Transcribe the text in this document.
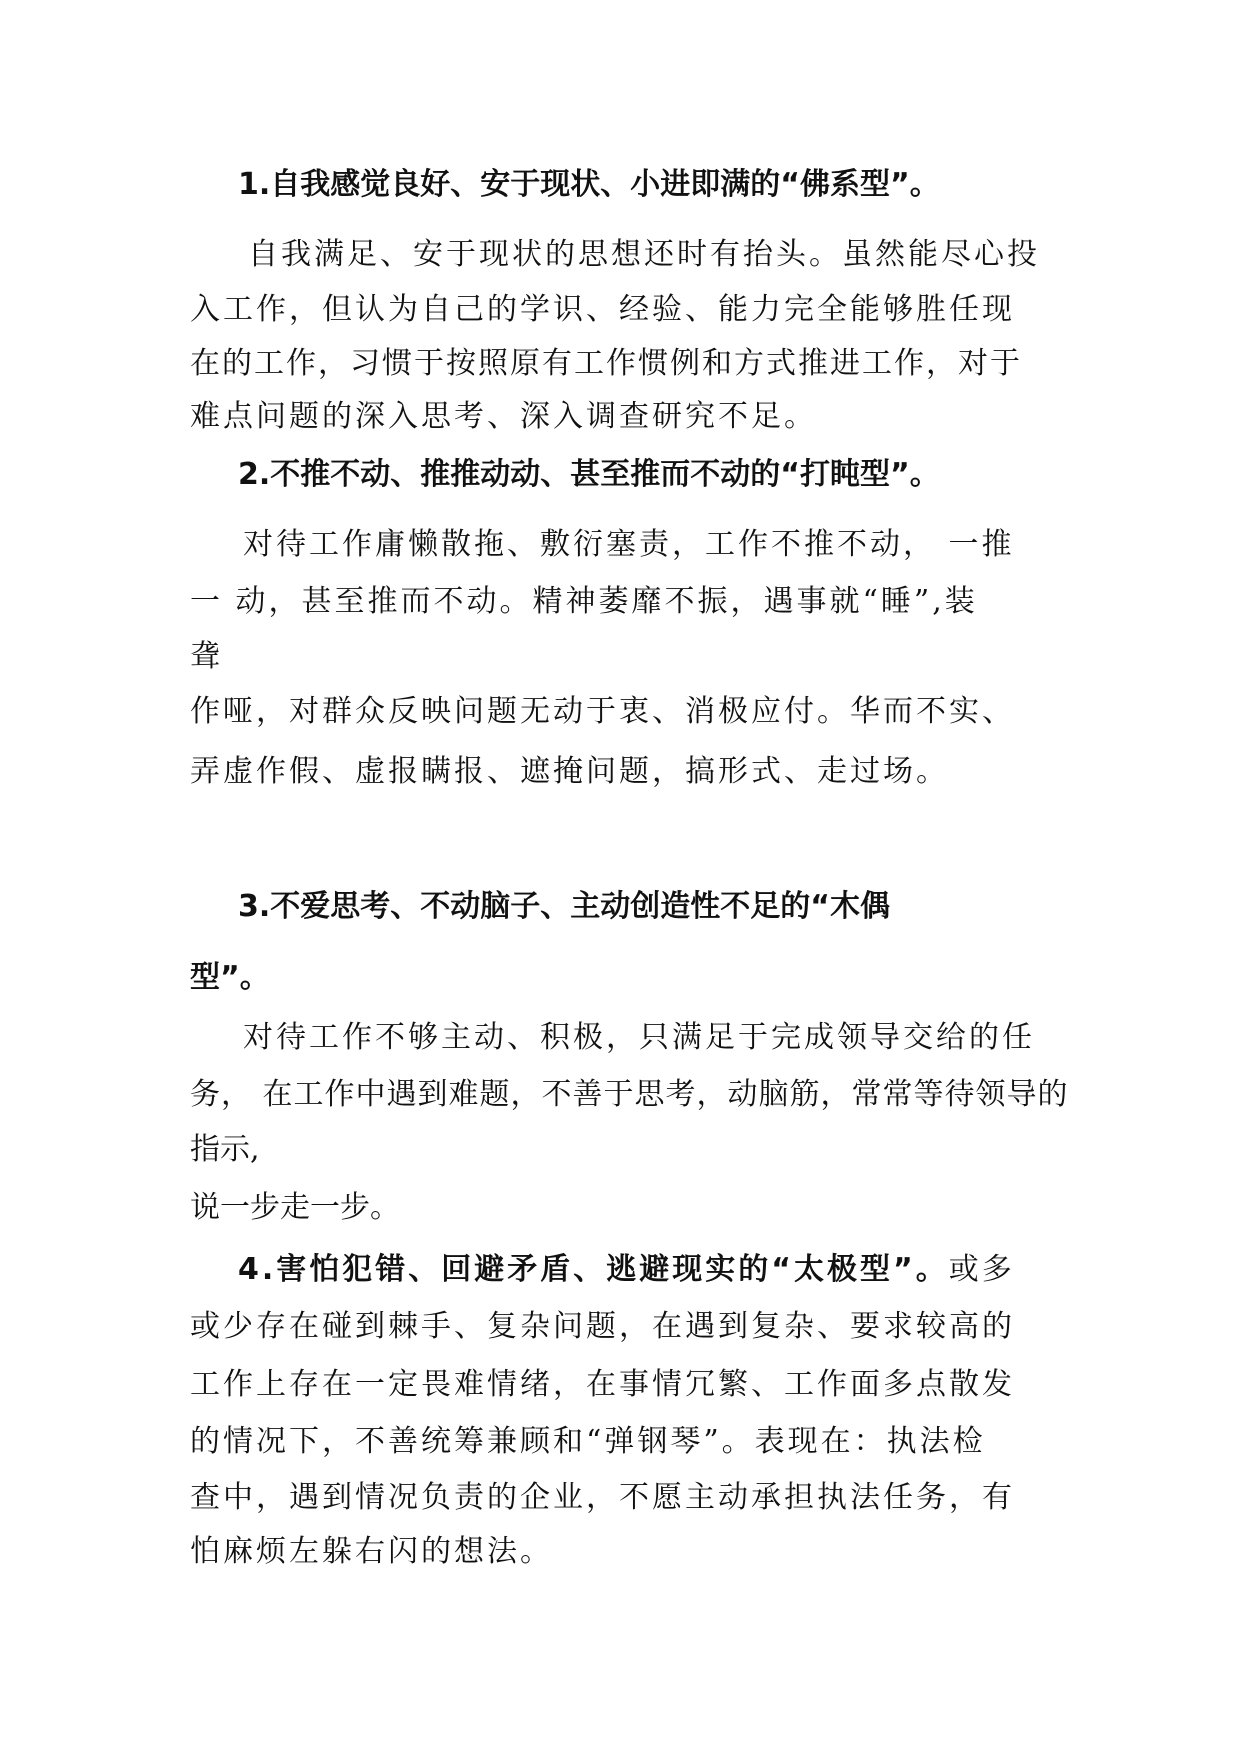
1.自我感觉良好、安于现状、小进即满的“佛系型”。
自我满足、安于现状的思想还时有抬头。虽然能尽心投
入工作，但认为自己的学识、经验、能力完全能够胜任现
在的工作，习惯于按照原有工作惯例和方式推进工作，对于
难点问题的深入思考、深入调查研究不足。
2.不推不动、推推动动、甚至推而不动的“打盹型”。
对待工作庸懒散拖、敷衍塞责，工作不推不动， 一推
一 动，甚至推而不动。精神萎靡不振，遇事就“睡”,装
聋
作哑，对群众反映问题无动于衷、消极应付。华而不实、
弄虚作假、虚报瞒报、遮掩问题，搞形式、走过场。
3.不爱思考、不动脑子、主动创造性不足的“木偶
型”。
对待工作不够主动、积极，只满足于完成领导交给的任
务， 在工作中遇到难题，不善于思考，动脑筋，常常等待领导的
指示,
说一步走一步。
4.害怕犯错、回避矛盾、逃避现实的“太极型”。或多
或少存在碰到棘手、复杂问题，在遇到复杂、要求较高的
工作上存在一定畏难情绪，在事情冗繁、工作面多点散发
的情况下，不善统筹兼顾和“弹钢琴”。表现在：执法检
查中，遇到情况负责的企业，不愿主动承担执法任务，有
怕麻烦左躲右闪的想法。
